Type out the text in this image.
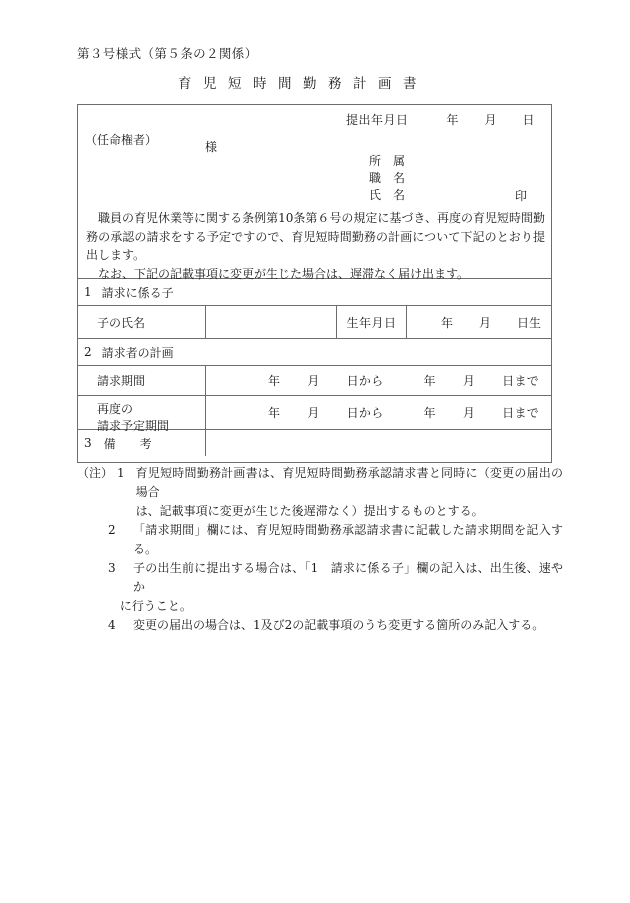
第３号様式（第５条の２関係）
育児短時間勤務計画書
提出年月日	年 月 日
（任命権者）	様
所　属
職　名
氏　名	印

職員の育児休業等に関する条例第10条第６号の規定に基づき、再度の育児短時間勤務の承認の請求をする予定ですので、育児短時間勤務の計画について下記のとおり提出します。

なお、下記の記載事項に変更が生じた場合は、遅滞なく届け出ます。

1 請求に係る子
子の氏名	生年月日	年 月 日生
2 請求者の計画
請求期間	年 月 日から	年 月 日まで
再度の
請求予定期間
年 月 日から	年 月 日まで
3 備　考
（注） 1 育児短時間勤務計画書は、育児短時間勤務承認請求書と同時に（変更の届出の場合
は、記載事項に変更が生じた後遅滞なく）提出するものとする。
2	「請求期間」欄には、育児短時間勤務承認請求書に記載した請求期間を記入する。
3	子の出生前に提出する場合は、「1　請求に係る子」欄の記入は、出生後、速やか
に行うこと。
4	変更の届出の場合は、1及び2の記載事項のうち変更する箇所のみ記入する。
